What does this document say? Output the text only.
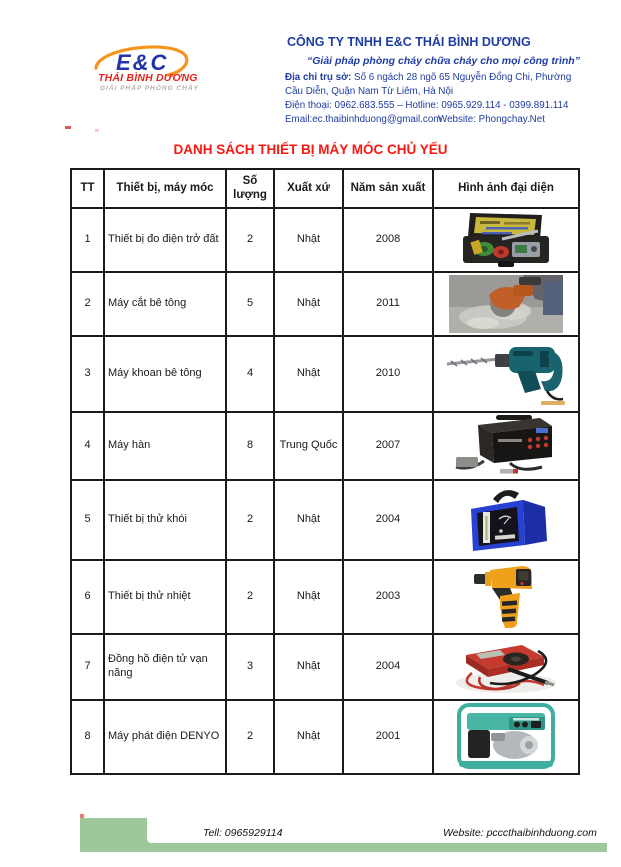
E&C
THÁI BÌNH DƯƠNG
GIẢI PHÁP PHÒNG CHÁY
CÔNG TY TNHH E&C THÁI BÌNH DƯƠNG
“Giải pháp phòng cháy chữa cháy cho mọi công trình”
Địa chỉ trụ sở: Số 6 ngách 28 ngõ 65 Nguyễn Đổng Chi, Phường Cầu Diễn, Quận Nam Từ Liêm, Hà Nội
Điện thoại: 0962.683.555 – Hotline: 0965.929.114 - 0399.891.114
Email:ec.thaibinhduong@gmail.com
Website: Phongchay.Net
DANH SÁCH THIẾT BỊ MÁY MÓC CHỦ YẾU
TT	Thiết bị, máy móc	Số lượng	Xuất xứ	Năm sản xuất	Hình ảnh đại diện
1	Thiết bị đo điện trở đất	2	Nhật	2008	

2	Máy cắt bê tông	5	Nhật	2011	

3	Máy khoan bê tông	4	Nhật	2010	

4	Máy hàn	8	Trung Quốc	2007	

5	Thiết bị thử khói	2	Nhật	2004	

6	Thiết bị thử nhiệt	2	Nhật	2003	

7	Đồng hồ điện tử vạn năng	3	Nhật	2004	

8	Máy phát điện DENYO	2	Nhật	2001	
Tell: 0965929114	Website: pcccthaibinhduong.com
